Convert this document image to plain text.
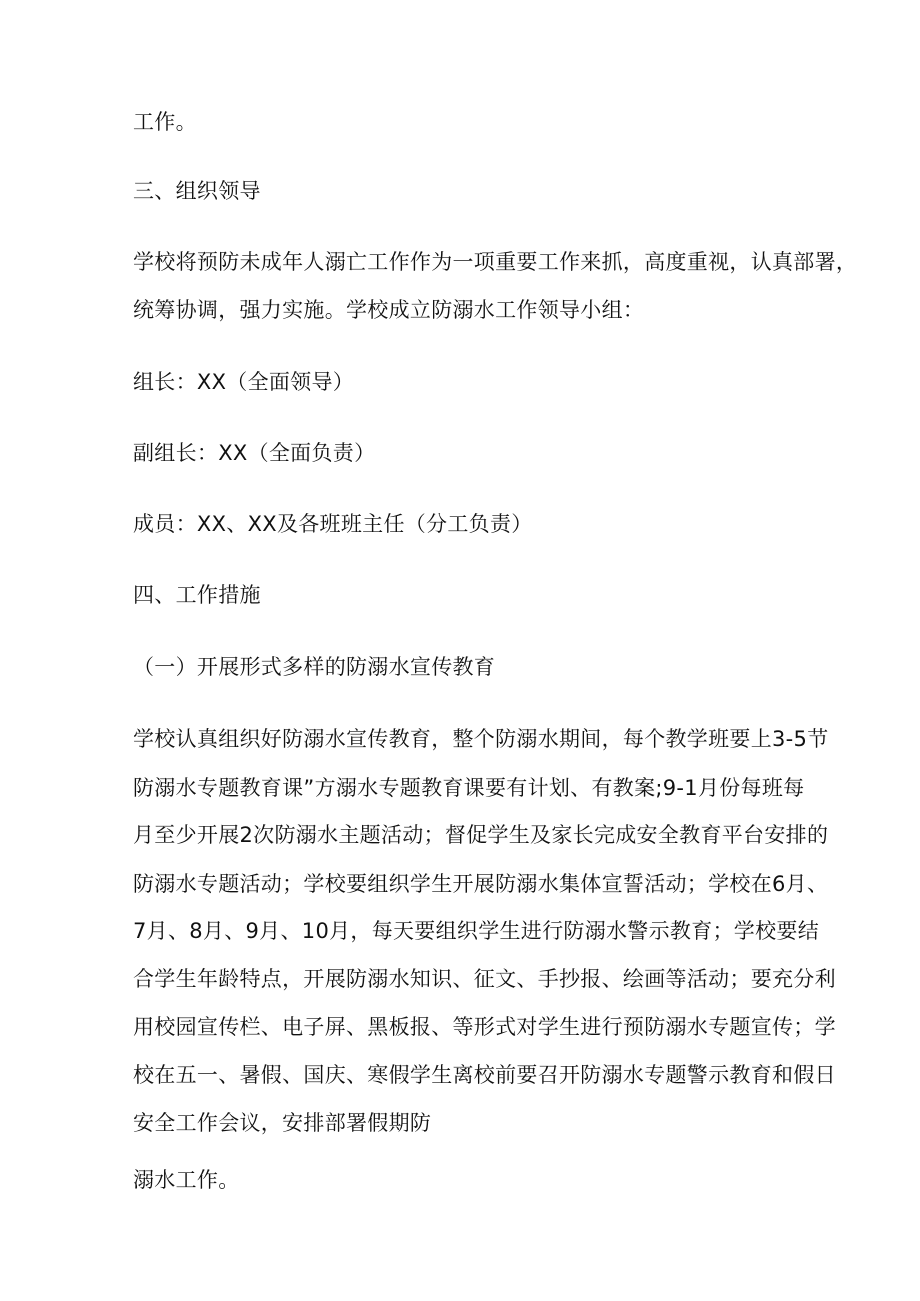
工作。
三、组织领导
学校将预防未成年人溺亡工作作为一项重要工作来抓，高度重视，认真部署，
统筹协调，强力实施。学校成立防溺水工作领导小组：
组长：XX（全面领导）
副组长：XX（全面负责）
成员：XX、XX及各班班主任（分工负责）
四、工作措施
（一）开展形式多样的防溺水宣传教育
学校认真组织好防溺水宣传教育，整个防溺水期间，每个教学班要上3-5节
防溺水专题教育课”方溺水专题教育课要有计划、有教案;9-1月份每班每
月至少开展2次防溺水主题活动；督促学生及家长完成安全教育平台安排的
防溺水专题活动；学校要组织学生开展防溺水集体宣誓活动；学校在6月、
7月、8月、9月、10月，每天要组织学生进行防溺水警示教育；学校要结
合学生年龄特点，开展防溺水知识、征文、手抄报、绘画等活动；要充分利
用校园宣传栏、电子屏、黑板报、等形式对学生进行预防溺水专题宣传；学
校在五一、暑假、国庆、寒假学生离校前要召开防溺水专题警示教育和假日
安全工作会议，安排部署假期防
溺水工作。
